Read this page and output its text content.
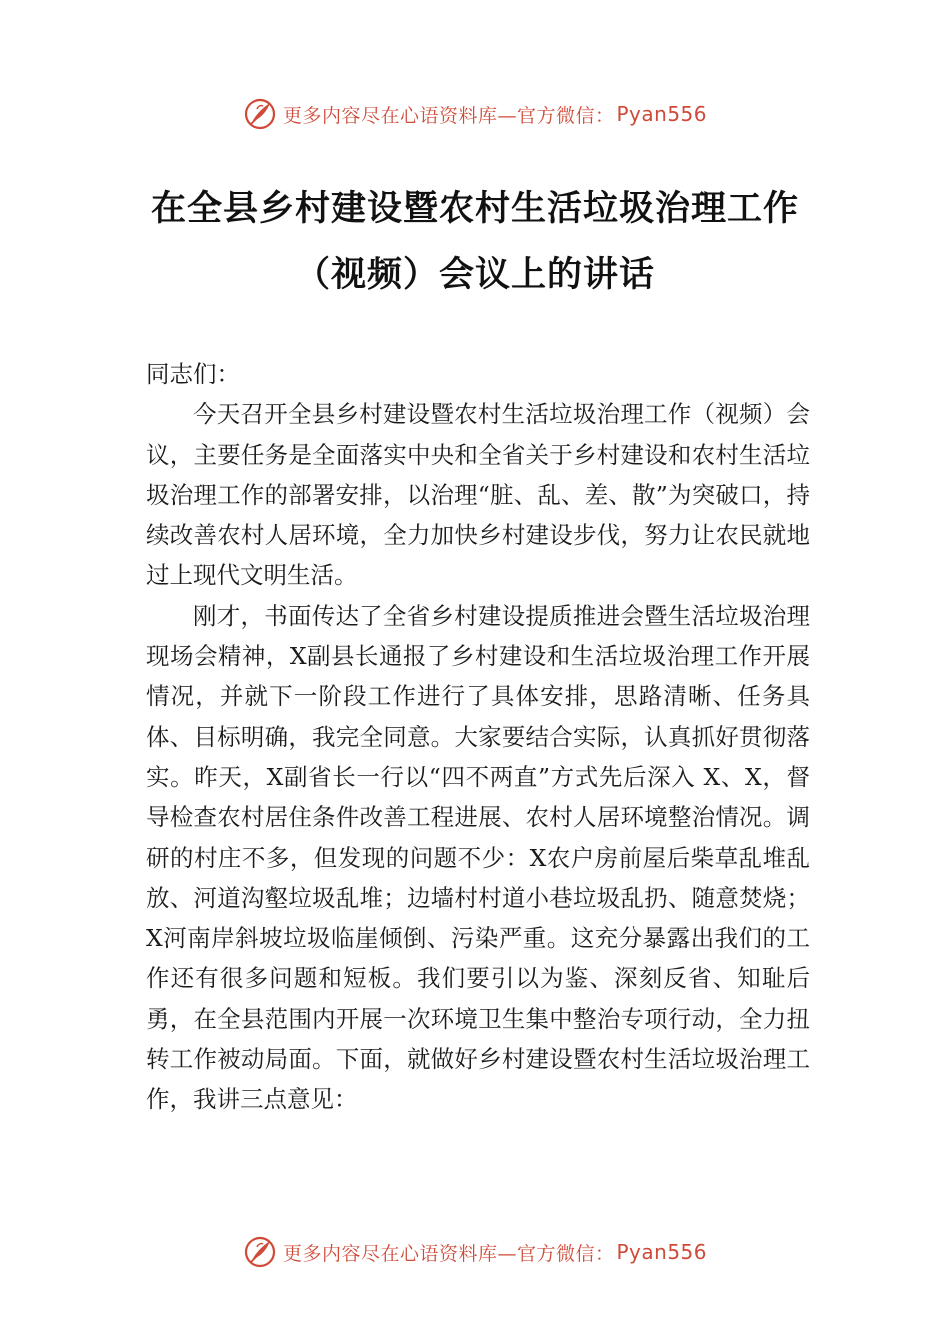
更多内容尽在心语资料库—官方微信： Pyan556
在全县乡村建设暨农村生活垃圾治理工作
（视频）会议上的讲话

同志们：

今天召开全县乡村建设暨农村生活垃圾治理工作（视频）会议，主要任务是全面落实中央和全省关于乡村建设和农村生活垃圾治理工作的部署安排，以治理“脏、乱、差、散”为突破口，持续改善农村人居环境，全力加快乡村建设步伐，努力让农民就地过上现代文明生活。

刚才，书面传达了全省乡村建设提质推进会暨生活垃圾治理现场会精神，X副县长通报了乡村建设和生活垃圾治理工作开展情况，并就下一阶段工作进行了具体安排，思路清晰、任务具体、目标明确，我完全同意。大家要结合实际，认真抓好贯彻落实。昨天，X副省长一行以“四不两直”方式先后深入 X、X，督导检查农村居住条件改善工程进展、农村人居环境整治情况。调研的村庄不多，但发现的问题不少：X农户房前屋后柴草乱堆乱放、河道沟壑垃圾乱堆；边墙村村道小巷垃圾乱扔、随意焚烧；X河南岸斜坡垃圾临崖倾倒、污染严重。这充分暴露出我们的工作还有很多问题和短板。我们要引以为鉴、深刻反省、知耻后勇，在全县范围内开展一次环境卫生集中整治专项行动，全力扭转工作被动局面。下面，就做好乡村建设暨农村生活垃圾治理工作，我讲三点意见：

更多内容尽在心语资料库—官方微信： Pyan556
